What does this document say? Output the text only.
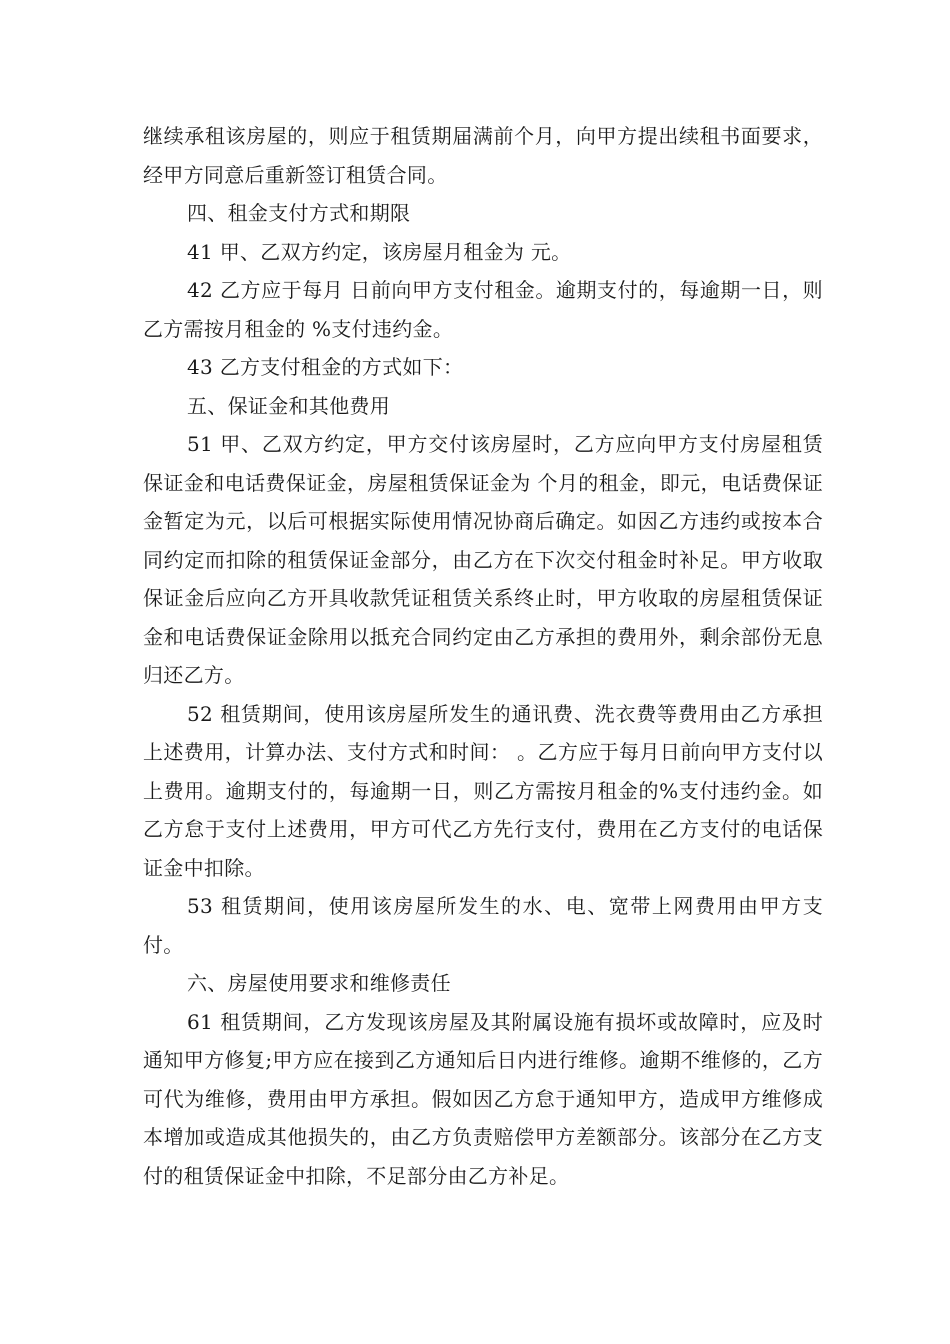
继续承租该房屋的，则应于租赁期届满前个月，向甲方提出续租书面要求，经甲方同意后重新签订租赁合同。

四、租金支付方式和期限

41 甲、乙双方约定，该房屋月租金为 元。

42 乙方应于每月 日前向甲方支付租金。逾期支付的，每逾期一日，则乙方需按月租金的 %支付违约金。

43 乙方支付租金的方式如下：

五、保证金和其他费用

51 甲、乙双方约定，甲方交付该房屋时，乙方应向甲方支付房屋租赁保证金和电话费保证金，房屋租赁保证金为 个月的租金，即元，电话费保证金暂定为元，以后可根据实际使用情况协商后确定。如因乙方违约或按本合同约定而扣除的租赁保证金部分，由乙方在下次交付租金时补足。甲方收取保证金后应向乙方开具收款凭证租赁关系终止时，甲方收取的房屋租赁保证金和电话费保证金除用以抵充合同约定由乙方承担的费用外，剩余部份无息归还乙方。

52 租赁期间，使用该房屋所发生的通讯费、洗衣费等费用由乙方承担上述费用，计算办法、支付方式和时间： 。乙方应于每月日前向甲方支付以上费用。逾期支付的，每逾期一日，则乙方需按月租金的%支付违约金。如乙方怠于支付上述费用，甲方可代乙方先行支付，费用在乙方支付的电话保证金中扣除。

53 租赁期间，使用该房屋所发生的水、电、宽带上网费用由甲方支付。

六、房屋使用要求和维修责任

61 租赁期间，乙方发现该房屋及其附属设施有损坏或故障时，应及时通知甲方修复;甲方应在接到乙方通知后日内进行维修。逾期不维修的，乙方可代为维修，费用由甲方承担。假如因乙方怠于通知甲方，造成甲方维修成本增加或造成其他损失的，由乙方负责赔偿甲方差额部分。该部分在乙方支付的租赁保证金中扣除，不足部分由乙方补足。
